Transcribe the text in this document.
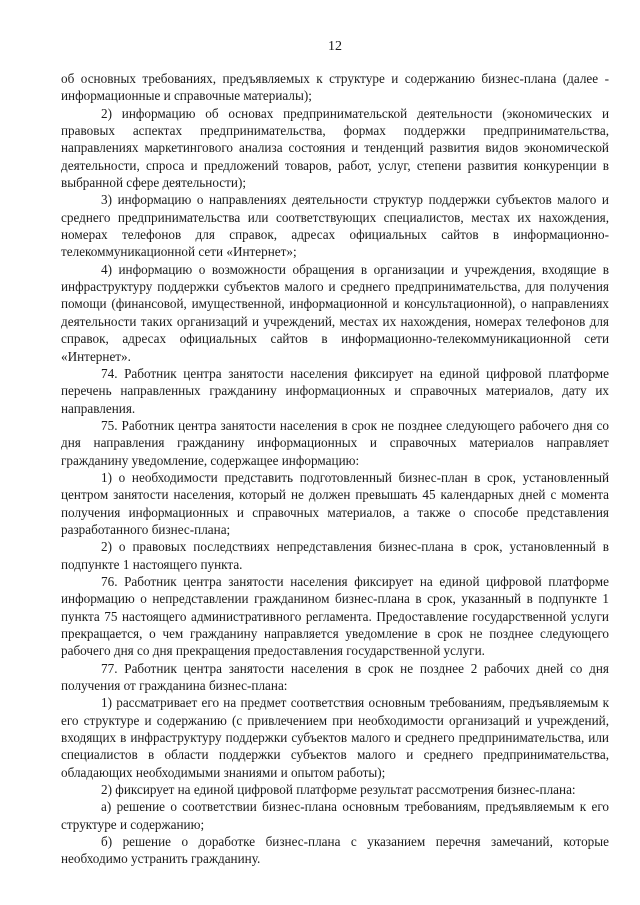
12

об основных требованиях, предъявляемых к структуре и содержанию бизнес-плана (далее - информационные и справочные материалы);

2) информацию об основах предпринимательской деятельности (экономических и правовых аспектах предпринимательства, формах поддержки предпринимательства, направлениях маркетингового анализа состояния и тенденций развития видов экономической деятельности, спроса и предложений товаров, работ, услуг, степени развития конкуренции в выбранной сфере деятельности);

3) информацию о направлениях деятельности структур поддержки субъектов малого и среднего предпринимательства или соответствующих специалистов, местах их нахождения, номерах телефонов для справок, адресах официальных сайтов в информационно-телекоммуникационной сети «Интернет»;

4) информацию о возможности обращения в организации и учреждения, входящие в инфраструктуру поддержки субъектов малого и среднего предпринимательства, для получения помощи (финансовой, имущественной, информационной и консультационной), о направлениях деятельности таких организаций и учреждений, местах их нахождения, номерах телефонов для справок, адресах официальных сайтов в информационно-телекоммуникационной сети «Интернет».

74. Работник центра занятости населения фиксирует на единой цифровой платформе перечень направленных гражданину информационных и справочных материалов, дату их направления.

75. Работник центра занятости населения в срок не позднее следующего рабочего дня со дня направления гражданину информационных и справочных материалов направляет гражданину уведомление, содержащее информацию:

1) о необходимости представить подготовленный бизнес-план в срок, установленный центром занятости населения, который не должен превышать 45 календарных дней с момента получения информационных и справочных материалов, а также о способе представления разработанного бизнес-плана;

2) о правовых последствиях непредставления бизнес-плана в срок, установленный в подпункте 1 настоящего пункта.

76. Работник центра занятости населения фиксирует на единой цифровой платформе информацию о непредставлении гражданином бизнес-плана в срок, указанный в подпункте 1 пункта 75 настоящего административного регламента. Предоставление государственной услуги прекращается, о чем гражданину направляется уведомление в срок не позднее следующего рабочего дня со дня прекращения предоставления государственной услуги.

77. Работник центра занятости населения в срок не позднее 2 рабочих дней со дня получения от гражданина бизнес-плана:

1) рассматривает его на предмет соответствия основным требованиям, предъявляемым к его структуре и содержанию (с привлечением при необходимости организаций и учреждений, входящих в инфраструктуру поддержки субъектов малого и среднего предпринимательства, или специалистов в области поддержки субъектов малого и среднего предпринимательства, обладающих необходимыми знаниями и опытом работы);

2) фиксирует на единой цифровой платформе результат рассмотрения бизнес-плана:

а) решение о соответствии бизнес-плана основным требованиям, предъявляемым к его структуре и содержанию;

б) решение о доработке бизнес-плана с указанием перечня замечаний, которые необходимо устранить гражданину.
